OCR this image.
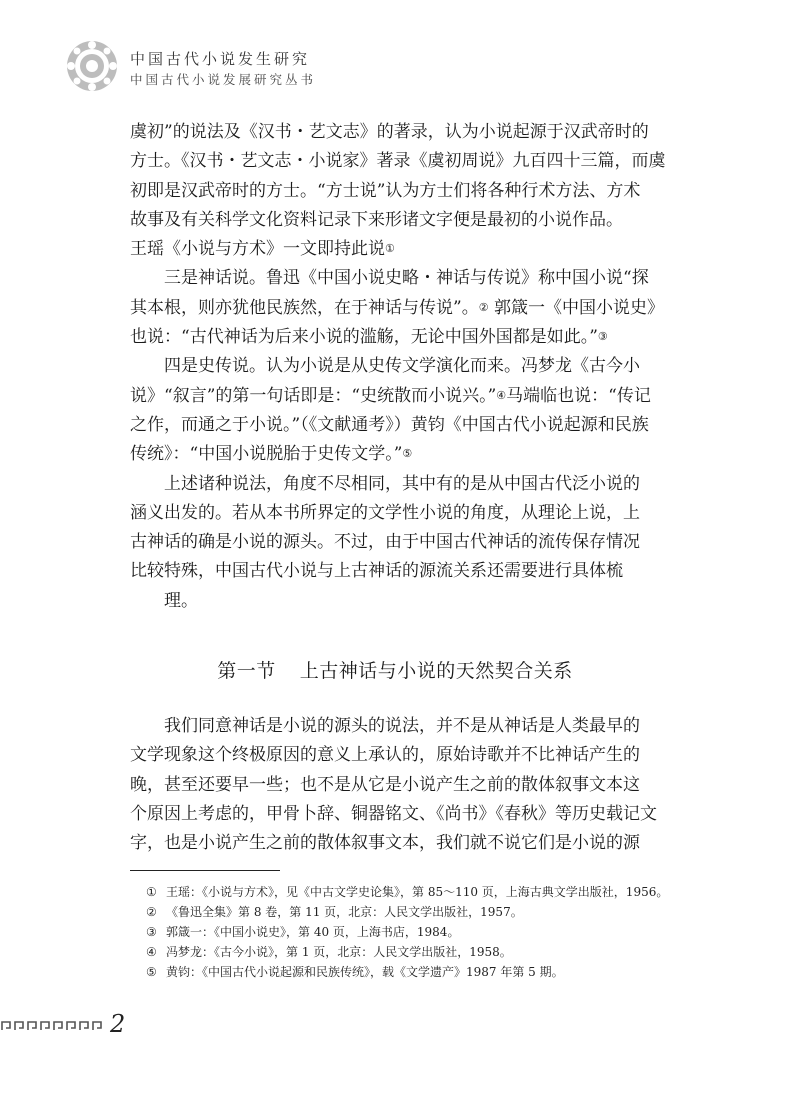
中国古代小说发生研究
中国古代小说发展研究丛书

虞初”的说法及《汉书・艺文志》的著录，认为小说起源于汉武帝时的

方士。《汉书・艺文志・小说家》著录《虞初周说》九百四十三篇，而虞

初即是汉武帝时的方士。“方士说”认为方士们将各种行术方法、方术

故事及有关科学文化资料记录下来形诸文字便是最初的小说作品。

王瑶《小说与方术》一文即持此说①

三是神话说。鲁迅《中国小说史略・神话与传说》称中国小说“探

其本根，则亦犹他民族然，在于神话与传说”。② 郭箴一《中国小说史》

也说：“古代神话为后来小说的滥觞，无论中国外国都是如此。”③

四是史传说。认为小说是从史传文学演化而来。冯梦龙《古今小

说》“叙言”的第一句话即是：“史统散而小说兴。”④马端临也说：“传记

之作，而通之于小说。”（《文献通考》）黄钧《中国古代小说起源和民族

传统》：“中国小说脱胎于史传文学。”⑤

上述诸种说法，角度不尽相同，其中有的是从中国古代泛小说的

涵义出发的。若从本书所界定的文学性小说的角度，从理论上说，上

古神话的确是小说的源头。不过，由于中国古代神话的流传保存情况

比较特殊，中国古代小说与上古神话的源流关系还需要进行具体梳

理。

第一节 上古神话与小说的天然契合关系

我们同意神话是小说的源头的说法，并不是从神话是人类最早的

文学现象这个终极原因的意义上承认的，原始诗歌并不比神话产生的

晚，甚至还要早一些；也不是从它是小说产生之前的散体叙事文本这

个原因上考虑的，甲骨卜辞、铜器铭文、《尚书》《春秋》等历史载记文

字，也是小说产生之前的散体叙事文本，我们就不说它们是小说的源

① 王瑶：《小说与方术》，见《中古文学史论集》，第 85～110 页，上海古典文学出版社，1956。
② 《鲁迅全集》第 8 卷，第 11 页，北京：人民文学出版社，1957。
③ 郭箴一：《中国小说史》，第 40 页，上海书店，1984。
④ 冯梦龙：《古今小说》，第 1 页，北京：人民文学出版社，1958。
⑤ 黄钧：《中国古代小说起源和民族传统》，载《文学遗产》1987 年第 5 期。
2
